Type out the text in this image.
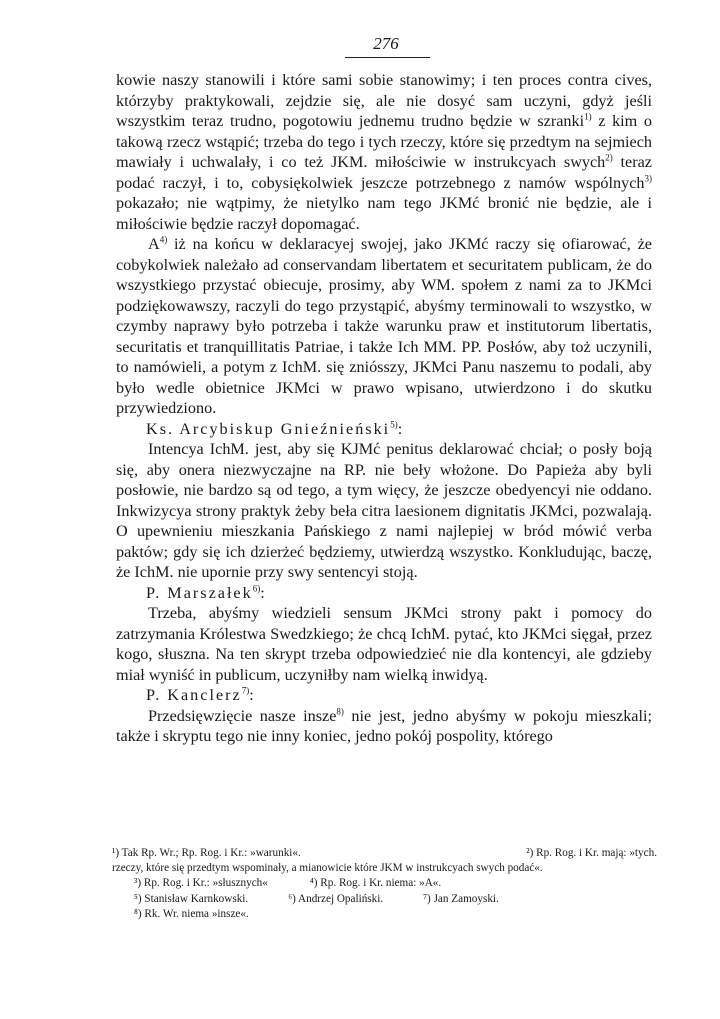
276

kowie naszy stanowili i które sami sobie stanowimy; i ten proces contra cives, którzyby praktykowali, zejdzie się, ale nie dosyć sam uczyni, gdyż jeśli wszystkim teraz trudno, pogotowiu jednemu trudno będzie w szranki$^{1)}$ z kim o takową rzecz wstąpić; trzeba do tego i tych rzeczy, które się przedtym na sejmiech mawiały i uchwalały, i co też JKM. miłościwie w instrukcyach swych$^{2)}$ teraz podać raczył, i to, cobysiękolwiek jeszcze potrzebnego z namów wspólnych$^{3)}$ pokazało; nie wątpimy, że nietylko nam tego JKMć bronić nie będzie, ale i miłościwie będzie raczył dopomagać.

$A^{4)}$ iż na końcu w deklaracyej swojej, jako JKMć raczy się ofiarować, że cobykolwiek należało ad conservandam libertatem et securitatem publicam, że do wszystkiego przystać obiecuje, prosimy, aby WM. społem z nami za to JKMci podziękowawszy, raczyli do tego przystąpić, abyśmy terminowali to wszystko, w czymby naprawy było potrzeba i także warunku praw et institutorum libertatis, securitatis et tranquillitatis Patriae, i także Ich MM. PP. Posłów, aby toż uczynili, to namówieli, a potym z IchM. się zniósszy, JKMci Panu naszemu to podali, aby było wedle obietnice JKMci w prawo wpisano, utwierdzono i do skutku przywiedziono.

Ks. Arcybiskup Gnieźnieński$^{5)}$:

Intencya IchM. jest, aby się KJMć penitus deklarować chciał; o posły boją się, aby onera niezwyczajne na RP. nie beły włożone. Do Papieża aby byli posłowie, nie bardzo są od tego, a tym więcy, że jeszcze obedyencyi nie oddano. Inkwizycya strony praktyk żeby beła citra laesionem dignitatis JKMci, pozwalają. O upewnieniu mieszkania Pańskiego z nami najlepiej w bród mówić verba paktów; gdy się ich dzierżeć będziemy, utwierdzą wszystko. Konkludując, baczę, że IchM. nie upornie przy swy sentencyi stoją.

P. Marszałek$^{6)}$:

Trzeba, abyśmy wiedzieli sensum JKMci strony pakt i pomocy do zatrzymania Królestwa Swedzkiego; że chcą IchM. pytać, kto JKMci sięgał, przez kogo, słuszna. Na ten skrypt trzeba odpowiedzieć nie dla kontencyi, ale gdzieby miał wyniść in publicum, uczyniłby nam wielką inwidyą.

P. Kanclerz$^{7)}$:

Przedsięwzięcie nasze insze$^{8)}$ nie jest, jedno abyśmy w pokoju mieszkali; także i skryptu tego nie inny koniec, jedno pokój pospolity, którego

¹) Tak Rp. Wr.; Rp. Rog. i Kr.: »warunki«.	²) Rp. Rog. i Kr. mają: »tych.
rzeczy, które się przedtym wspominały, a mianowicie które JKM w instrukcyach swych podać«.
³) Rp. Rog. i Kr.: »słusznych«	⁴) Rp. Rog. i Kr. niema: »A«.
⁵) Stanisław Karnkowski.	⁶) Andrzej Opaliński.	⁷) Jan Zamoyski.
⁸) Rk. Wr. niema »insze«.
